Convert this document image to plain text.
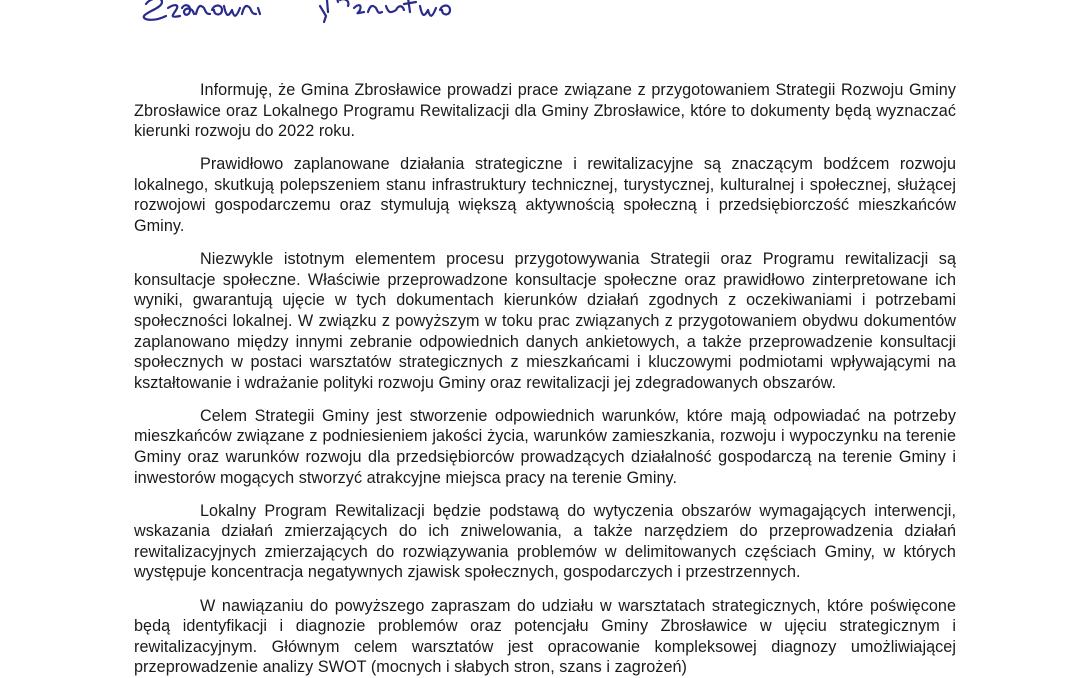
Informuję, że Gmina Zbrosławice prowadzi prace związane z przygotowaniem Strategii Rozwoju Gminy Zbrosławice oraz Lokalnego Programu Rewitalizacji dla Gminy Zbrosławice, które to dokumenty będą wyznaczać kierunki rozwoju do 2022 roku.

Prawidłowo zaplanowane działania strategiczne i rewitalizacyjne są znaczącym bodźcem rozwoju lokalnego, skutkują polepszeniem stanu infrastruktury technicznej, turystycznej, kulturalnej i społecznej, służącej rozwojowi gospodarczemu oraz stymulują większą aktywnością społeczną i przedsiębiorczość mieszkańców Gminy.

Niezwykle istotnym elementem procesu przygotowywania Strategii oraz Programu rewitalizacji są konsultacje społeczne. Właściwie przeprowadzone konsultacje społeczne oraz prawidłowo zinterpretowane ich wyniki, gwarantują ujęcie w tych dokumentach kierunków działań zgodnych z oczekiwaniami i potrzebami społeczności lokalnej. W związku z powyższym w toku prac związanych z przygotowaniem obydwu dokumentów zaplanowano między innymi zebranie odpowiednich danych ankietowych, a także przeprowadzenie konsultacji społecznych w postaci warsztatów strategicznych z mieszkańcami i kluczowymi podmiotami wpływającymi na kształtowanie i wdrażanie polityki rozwoju Gminy oraz rewitalizacji jej zdegradowanych obszarów.

Celem Strategii Gminy jest stworzenie odpowiednich warunków, które mają odpowiadać na potrzeby mieszkańców związane z podniesieniem jakości życia, warunków zamieszkania, rozwoju i wypoczynku na terenie Gminy oraz warunków rozwoju dla przedsiębiorców prowadzących działalność gospodarczą na terenie Gminy i inwestorów mogących stworzyć atrakcyjne miejsca pracy na terenie Gminy.

Lokalny Program Rewitalizacji będzie podstawą do wytyczenia obszarów wymagających interwencji, wskazania działań zmierzających do ich zniwelowania, a także narzędziem do przeprowadzenia działań rewitalizacyjnych zmierzających do rozwiązywania problemów w delimitowanych częściach Gminy, w których występuje koncentracja negatywnych zjawisk społecznych, gospodarczych i przestrzennych.

W nawiązaniu do powyższego zapraszam do udziału w warsztatach strategicznych, które poświęcone będą identyfikacji i diagnozie problemów oraz potencjału Gminy Zbrosławice w ujęciu strategicznym i rewitalizacyjnym. Głównym celem warsztatów jest opracowanie kompleksowej diagnozy umożliwiającej przeprowadzenie analizy SWOT (mocnych i słabych stron, szans i zagrożeń)
